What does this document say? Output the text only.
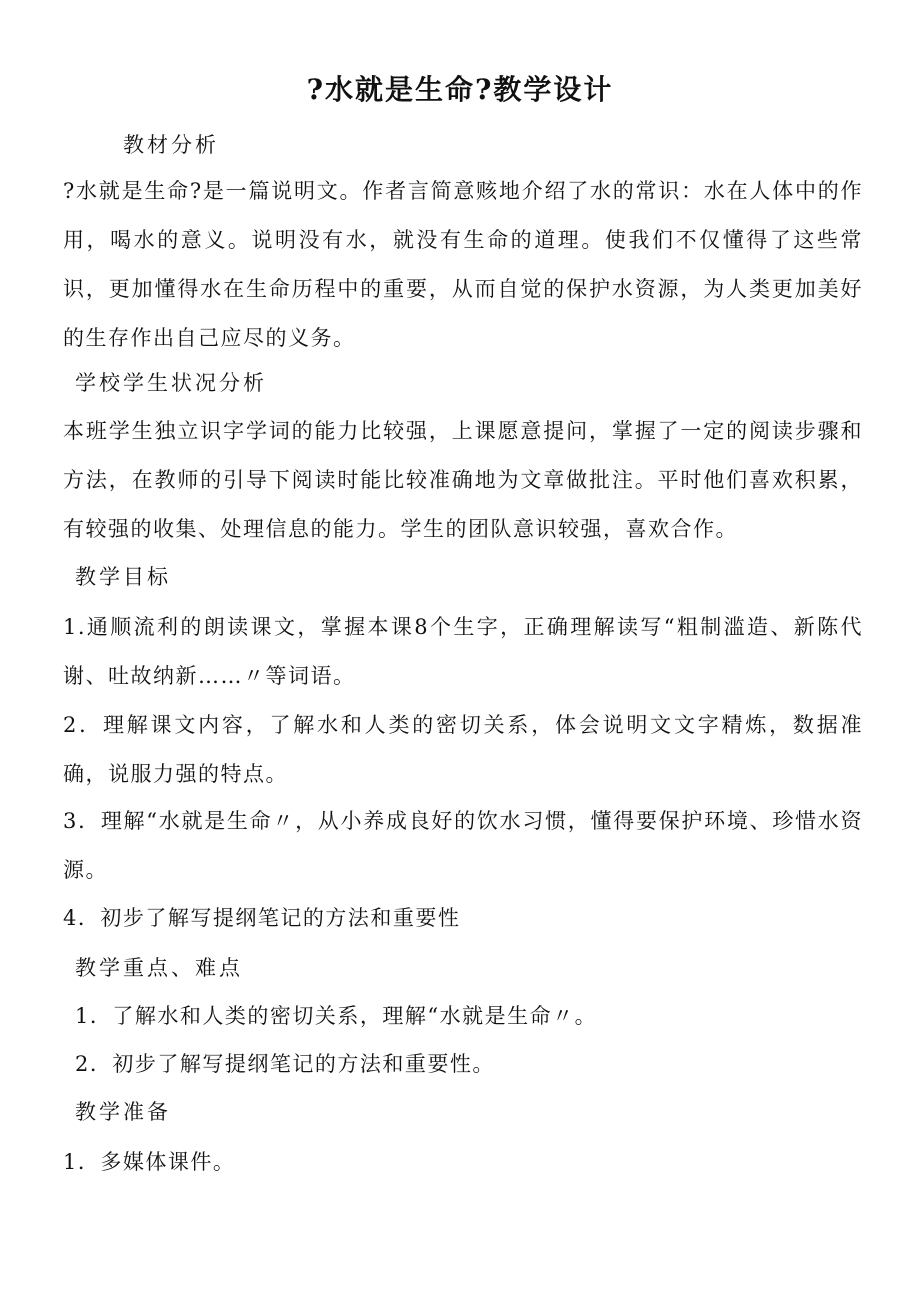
?水就是生命?教学设计
教材分析

?水就是生命?是一篇说明文。作者言简意赅地介绍了水的常识：水在人体中的作用，喝水的意义。说明没有水，就没有生命的道理。使我们不仅懂得了这些常识，更加懂得水在生命历程中的重要，从而自觉的保护水资源，为人类更加美好的生存作出自己应尽的义务。

学校学生状况分析

本班学生独立识字学词的能力比较强，上课愿意提问，掌握了一定的阅读步骤和方法，在教师的引导下阅读时能比较准确地为文章做批注。平时他们喜欢积累，有较强的收集、处理信息的能力。学生的团队意识较强，喜欢合作。

教学目标

1.通顺流利的朗读课文，掌握本课8个生字，正确理解读写“粗制滥造、新陈代谢、吐故纳新……〃等词语。

2．理解课文内容，了解水和人类的密切关系，体会说明文文字精炼，数据准确，说服力强的特点。

3．理解“水就是生命〃，从小养成良好的饮水习惯，懂得要保护环境、珍惜水资源。

4．初步了解写提纲笔记的方法和重要性
教学重点、难点
1．了解水和人类的密切关系，理解“水就是生命〃。
2．初步了解写提纲笔记的方法和重要性。
教学准备
1．多媒体课件。
